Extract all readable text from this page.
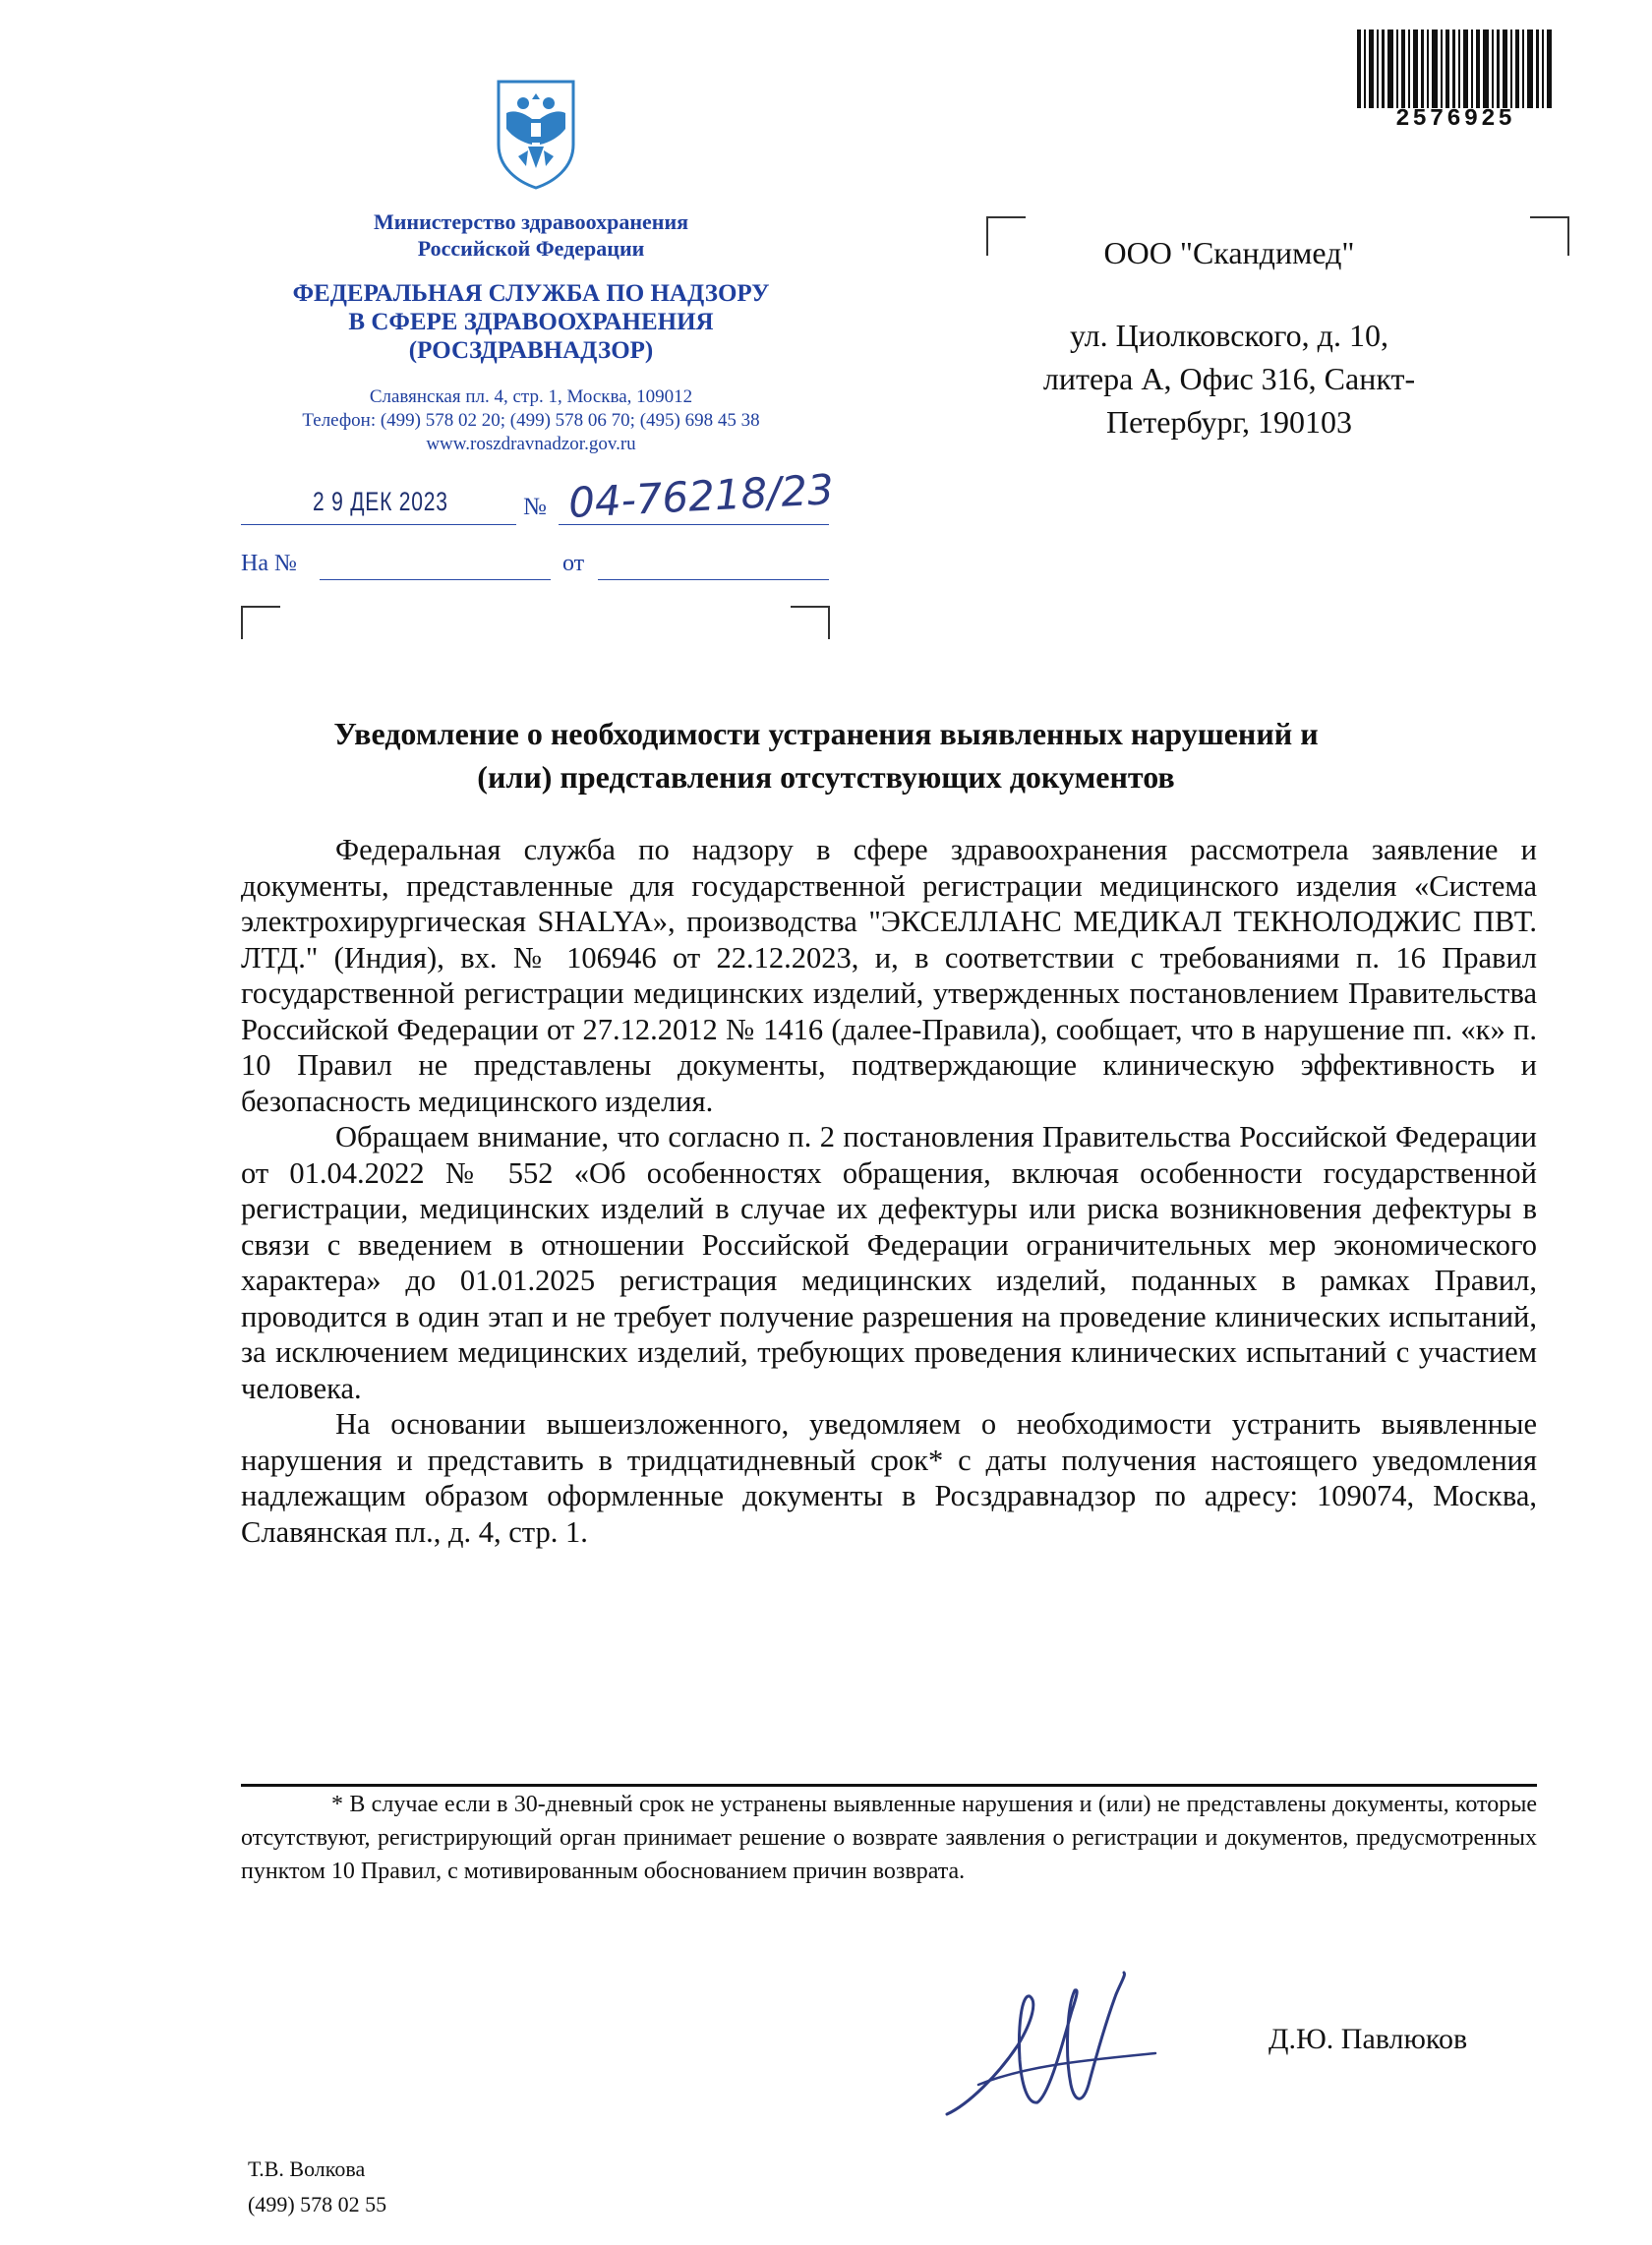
2576925
Министерство здравоохранения
Российской Федерации
ФЕДЕРАЛЬНАЯ СЛУЖБА ПО НАДЗОРУ
В СФЕРЕ ЗДРАВООХРАНЕНИЯ
(РОСЗДРАВНАДЗОР)
Славянская пл. 4, стр. 1, Москва, 109012
Телефон: (499) 578 02 20; (499) 578 06 70; (495) 698 45 38
www.roszdravnadzor.gov.ru
2 9 ДЕК 2023	№ 04-76218/23
На №	от
ООО "Скандимед"
ул. Циолковского, д. 10,
литера А, Офис 316, Санкт-
Петербург, 190103
Уведомление о необходимости устранения выявленных нарушений и
(или) представления отсутствующих документов

Федеральная служба по надзору в сфере здравоохранения рассмотрела заявление и документы, представленные для государственной регистрации медицинского изделия «Система электрохирургическая SHALYA», производства "ЭКСЕЛЛАНС МЕДИКАЛ ТЕКНОЛОДЖИС ПВТ. ЛТД." (Индия), вх. № 106946 от 22.12.2023, и, в соответствии с требованиями п. 16 Правил государственной регистрации медицинских изделий, утвержденных постановлением Правительства Российской Федерации от 27.12.2012 № 1416 (далее-Правила), сообщает, что в нарушение пп. «к» п. 10 Правил не представлены документы, подтверждающие клиническую эффективность и безопасность медицинского изделия.

Обращаем внимание, что согласно п. 2 постановления Правительства Российской Федерации от 01.04.2022 № 552 «Об особенностях обращения, включая особенности государственной регистрации, медицинских изделий в случае их дефектуры или риска возникновения дефектуры в связи с введением в отношении Российской Федерации ограничительных мер экономического характера» до 01.01.2025 регистрация медицинских изделий, поданных в рамках Правил, проводится в один этап и не требует получение разрешения на проведение клинических испытаний, за исключением медицинских изделий, требующих проведения клинических испытаний с участием человека.

На основании вышеизложенного, уведомляем о необходимости устранить выявленные нарушения и представить в тридцатидневный срок* с даты получения настоящего уведомления надлежащим образом оформленные документы в Росздравнадзор по адресу: 109074, Москва, Славянская пл., д. 4, стр. 1.

* В случае если в 30-дневный срок не устранены выявленные нарушения и (или) не представлены документы, которые отсутствуют, регистрирующий орган принимает решение о возврате заявления о регистрации и документов, предусмотренных пунктом 10 Правил, с мотивированным обоснованием причин возврата.

Д.Ю. Павлюков
Т.В. Волкова
(499) 578 02 55
